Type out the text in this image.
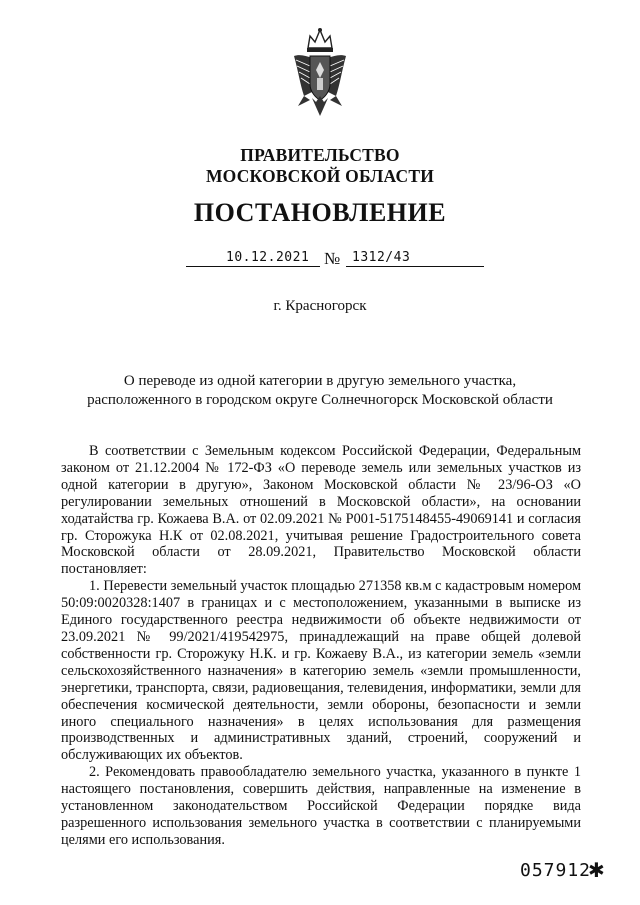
ПРАВИТЕЛЬСТВО
МОСКОВСКОЙ ОБЛАСТИ
ПОСТАНОВЛЕНИЕ
10.12.2021 № 1312/43
г. Красногорск
О переводе из одной категории в другую земельного участка,
расположенного в городском округе Солнечногорск Московской области

В соответствии с Земельным кодексом Российской Федерации, Федеральным законом от 21.12.2004 № 172-ФЗ «О переводе земель или земельных участков из одной категории в другую», Законом Московской области № 23/96-ОЗ «О регулировании земельных отношений в Московской области», на основании ходатайства гр. Кожаева В.А. от 02.09.2021 № Р001-5175148455-49069141 и согласия гр. Сторожука Н.К от 02.08.2021, учитывая решение Градостроительного совета Московской области от 28.09.2021, Правительство Московской области постановляет:

1. Перевести земельный участок площадью 271358 кв.м с кадастровым номером 50:09:0020328:1407 в границах и с местоположением, указанными в выписке из Единого государственного реестра недвижимости об объекте недвижимости от 23.09.2021 № 99/2021/419542975, принадлежащий на праве общей долевой собственности гр. Сторожуку Н.К. и гр. Кожаеву В.А., из категории земель «земли сельскохозяйственного назначения» в категорию земель «земли промышленности, энергетики, транспорта, связи, радиовещания, телевидения, информатики, земли для обеспечения космической деятельности, земли обороны, безопасности и земли иного специального назначения» в целях использования для размещения производственных и административных зданий, строений, сооружений и обслуживающих их объектов.

2. Рекомендовать правообладателю земельного участка, указанного в пункте 1 настоящего постановления, совершить действия, направленные на изменение в установленном законодательством Российской Федерации порядке вида разрешенного использования земельного участка в соответствии с планируемыми целями его использования.

057912
✱
